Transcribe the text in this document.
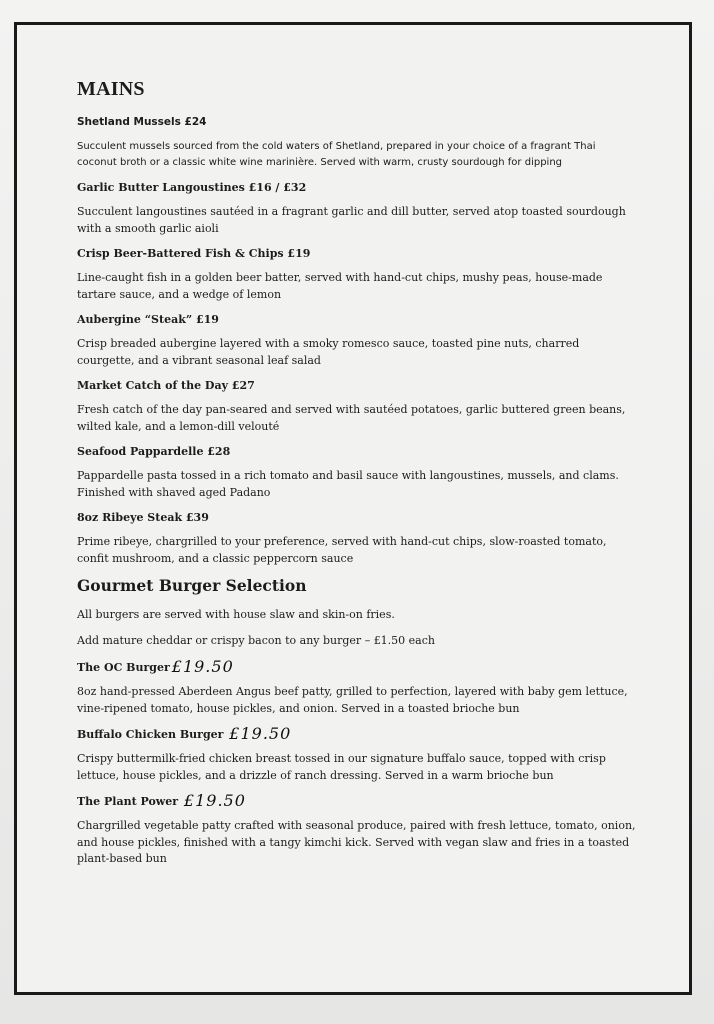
MAINS
Shetland Mussels £24
Succulent mussels sourced from the cold waters of Shetland, prepared in your choice of a fragrant Thai coconut broth or a classic white wine marinière. Served with warm, crusty sourdough for dipping
Garlic Butter Langoustines £16 / £32
Succulent langoustines sautéed in a fragrant garlic and dill butter, served atop toasted sourdough with a smooth garlic aioli
Crisp Beer-Battered Fish & Chips £19
Line-caught fish in a golden beer batter, served with hand-cut chips, mushy peas, house-made tartare sauce, and a wedge of lemon
Aubergine “Steak” £19
Crisp breaded aubergine layered with a smoky romesco sauce, toasted pine nuts, charred courgette, and a vibrant seasonal leaf salad
Market Catch of the Day £27
Fresh catch of the day pan-seared and served with sautéed potatoes, garlic buttered green beans, wilted kale, and a lemon-dill velouté
Seafood Pappardelle £28
Pappardelle pasta tossed in a rich tomato and basil sauce with langoustines, mussels, and clams. Finished with shaved aged Padano
8oz Ribeye Steak £39
Prime ribeye, chargrilled to your preference, served with hand-cut chips, slow-roasted tomato, confit mushroom, and a classic peppercorn sauce
Gourmet Burger Selection
All burgers are served with house slaw and skin-on fries.
Add mature cheddar or crispy bacon to any burger – £1.50 each
The OC Burger £19.50
8oz hand-pressed Aberdeen Angus beef patty, grilled to perfection, layered with baby gem lettuce, vine-ripened tomato, house pickles, and onion. Served in a toasted brioche bun
Buffalo Chicken Burger £19.50
Crispy buttermilk-fried chicken breast tossed in our signature buffalo sauce, topped with crisp lettuce, house pickles, and a drizzle of ranch dressing. Served in a warm brioche bun
The Plant Power £19.50
Chargrilled vegetable patty crafted with seasonal produce, paired with fresh lettuce, tomato, onion, and house pickles, finished with a tangy kimchi kick. Served with vegan slaw and fries in a toasted plant-based bun
